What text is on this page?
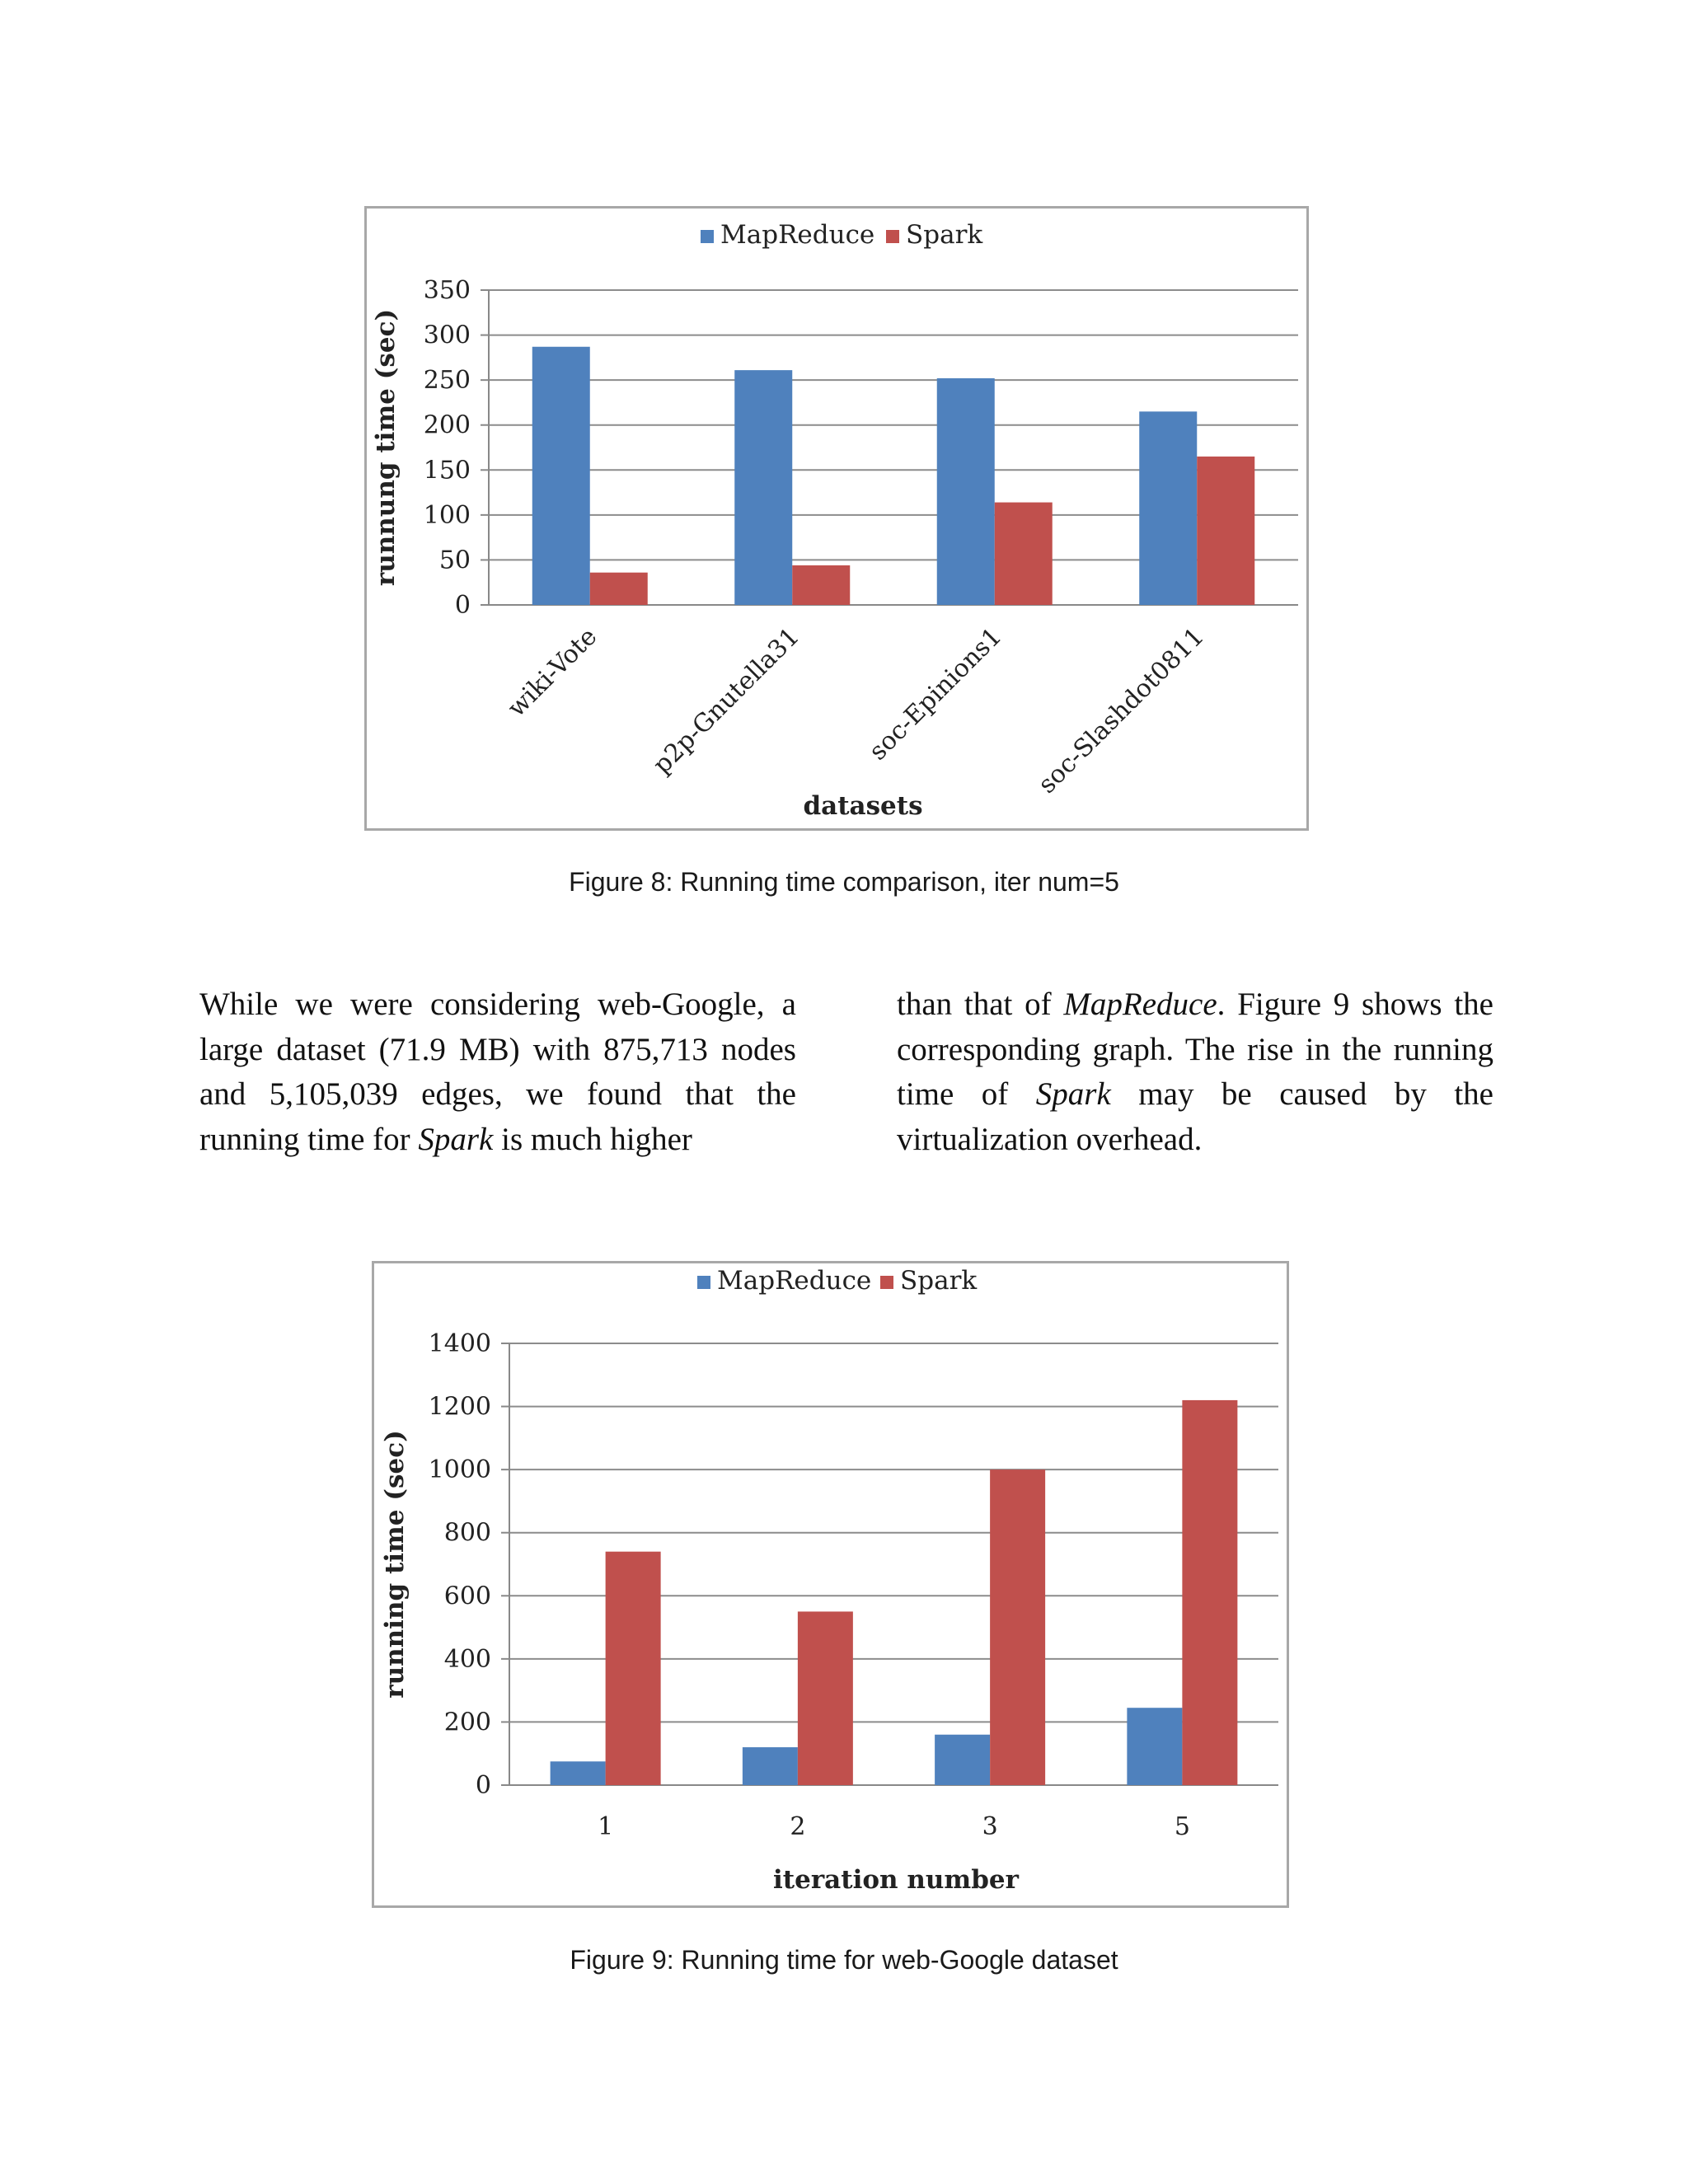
MapReduce Spark
0
50
100
150
200
250
300
350
wiki-Vote p2p-Gnutella31 soc-Epinions1 soc-Slashdot0811
datasets
runnung time (sec)
Figure 8: Running time comparison, iter num=5

While we were considering web-Google, a large dataset (71.9 MB) with 875,713 nodes and 5,105,039 edges, we found that the running time for Spark is much higher

than that of MapReduce. Figure 9 shows the corresponding graph. The rise in the running time of Spark may be caused by the virtualization overhead.

MapReduce Spark
0
200
400
600
800
1000
1200
1400
1	2	3	5
iteration number
running time (sec)
Figure 9: Running time for web-Google dataset
